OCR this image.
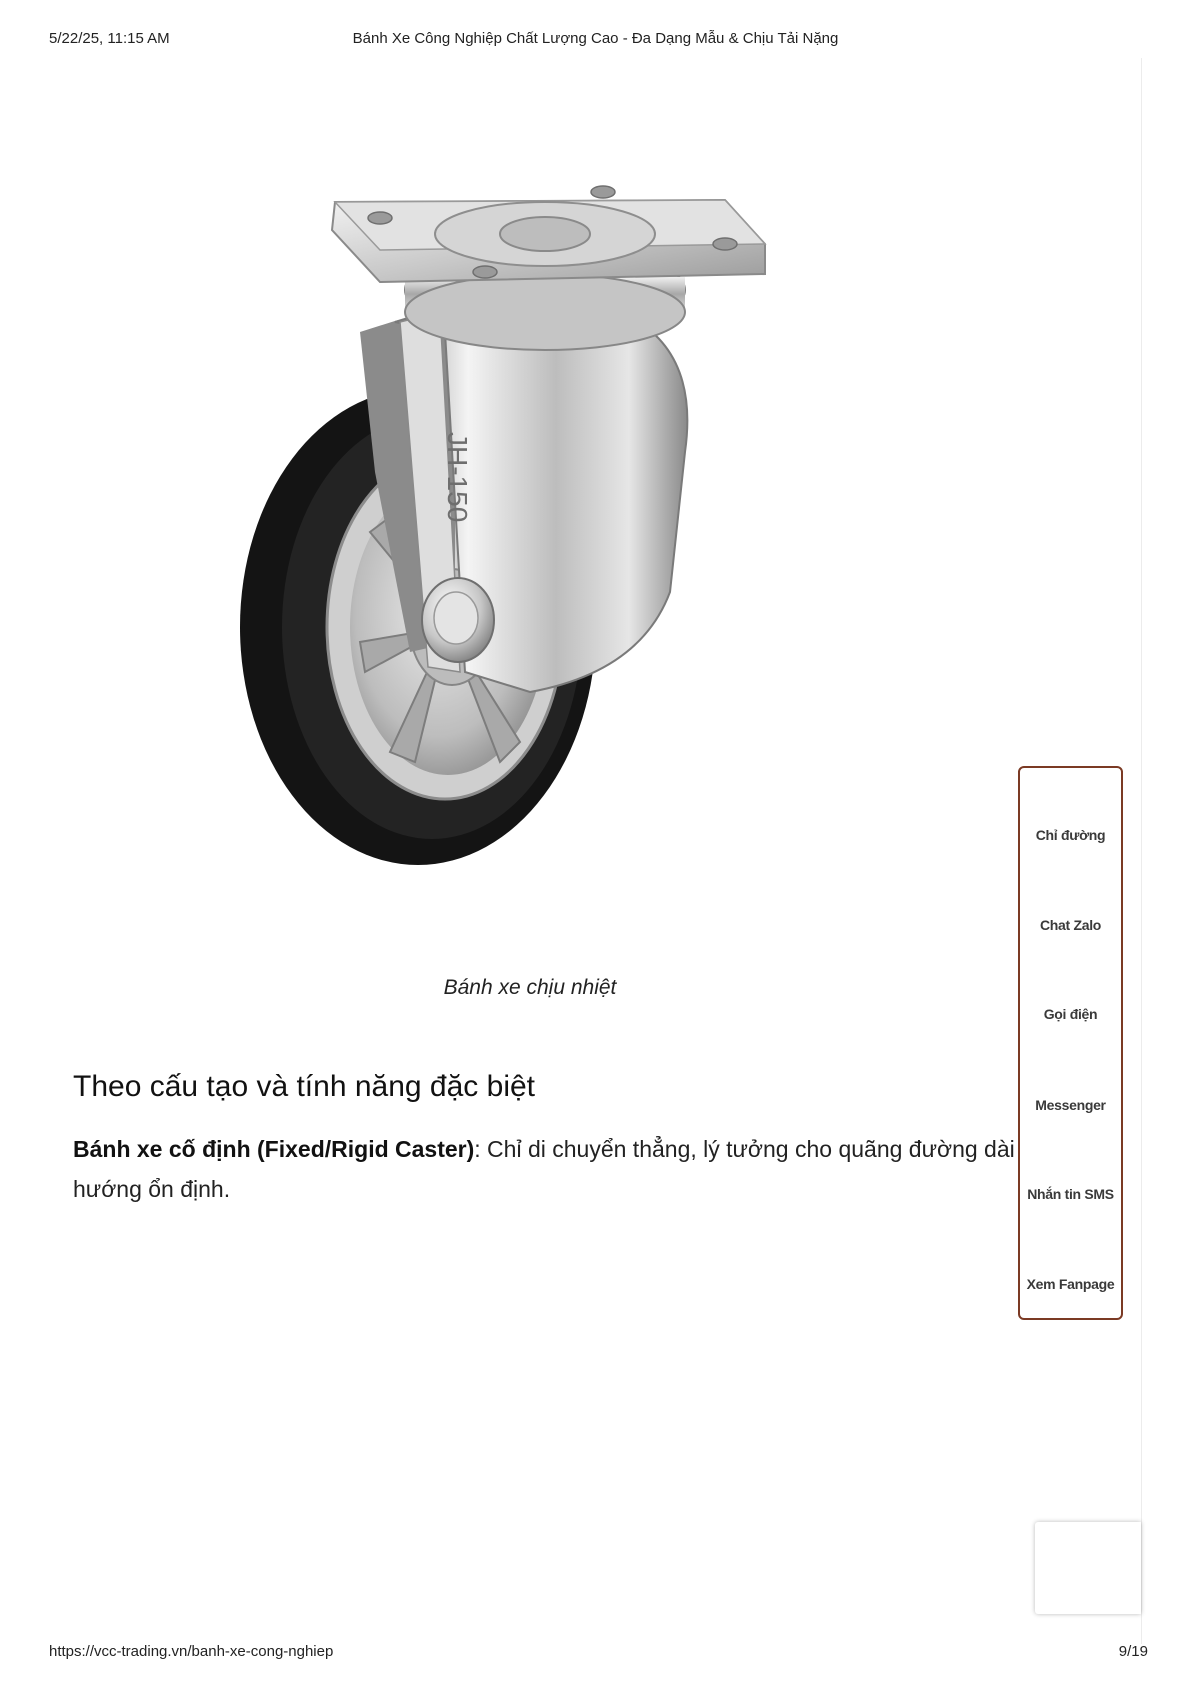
5/22/25, 11:15 AM	Bánh Xe Công Nghiệp Chất Lượng Cao - Đa Dạng Mẫu & Chịu Tải Nặng
JH-150
Bánh xe chịu nhiệt
Theo cấu tạo và tính năng đặc biệt
Bánh xe cố định (Fixed/Rigid Caster): Chỉ di chuyển thẳng, lý tưởng cho quãng đường dài
hướng ổn định.
Chỉ đường
Chat Zalo
Gọi điện
Messenger
Nhắn tin SMS
Xem Fanpage
https://vcc-trading.vn/banh-xe-cong-nghiep	9/19
